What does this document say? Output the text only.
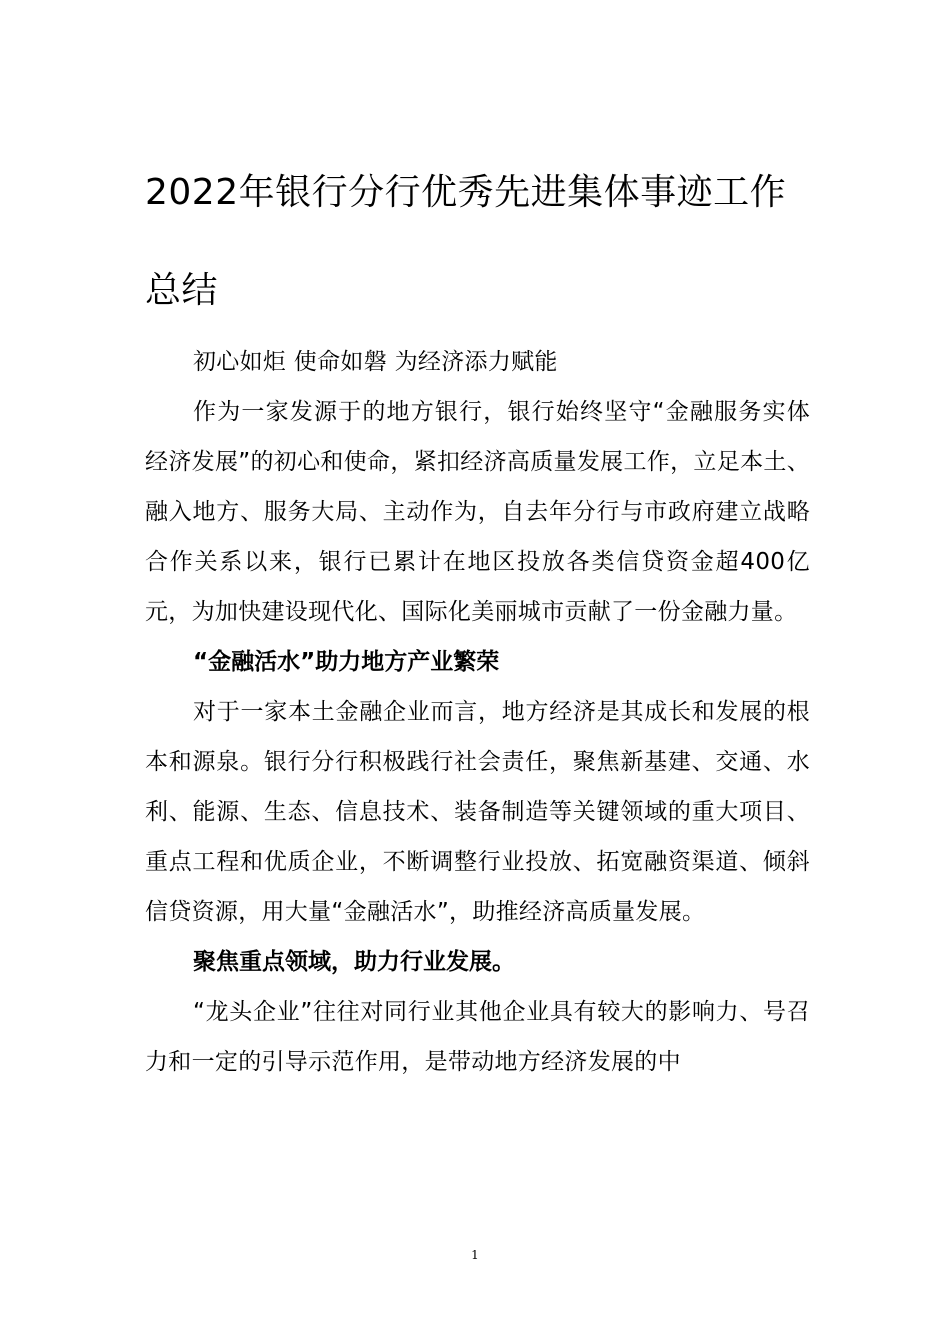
2022年银行分行优秀先进集体事迹工作总结

初心如炬 使命如磐 为经济添力赋能

作为一家发源于的地方银行，银行始终坚守“金融服务实体经济发展”的初心和使命，紧扣经济高质量发展工作，立足本土、融入地方、服务大局、主动作为，自去年分行与市政府建立战略合作关系以来，银行已累计在地区投放各类信贷资金超400亿元，为加快建设现代化、国际化美丽城市贡献了一份金融力量。

“金融活水”助力地方产业繁荣

对于一家本土金融企业而言，地方经济是其成长和发展的根本和源泉。银行分行积极践行社会责任，聚焦新基建、交通、水利、能源、生态、信息技术、装备制造等关键领域的重大项目、重点工程和优质企业，不断调整行业投放、拓宽融资渠道、倾斜信贷资源，用大量“金融活水”，助推经济高质量发展。

聚焦重点领域，助力行业发展。

“龙头企业”往往对同行业其他企业具有较大的影响力、号召力和一定的引导示范作用，是带动地方经济发展的中

1
